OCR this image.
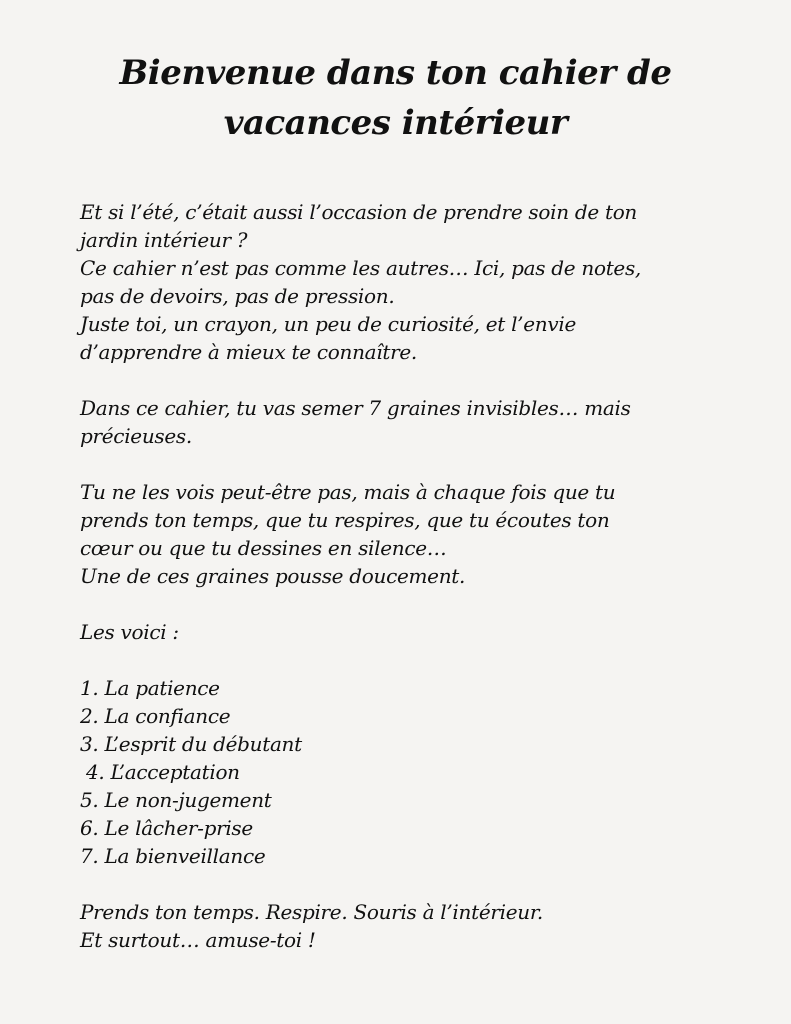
Bienvenue dans ton cahier de
vacances intérieur
Et si l’été, c’était aussi l’occasion de prendre soin de ton
jardin intérieur ?
Ce cahier n’est pas comme les autres… Ici, pas de notes,
pas de devoirs, pas de pression.
Juste toi, un crayon, un peu de curiosité, et l’envie
d’apprendre à mieux te connaître.
Dans ce cahier, tu vas semer 7 graines invisibles… mais
précieuses.
Tu ne les vois peut-être pas, mais à chaque fois que tu
prends ton temps, que tu respires, que tu écoutes ton
cœur ou que tu dessines en silence…
Une de ces graines pousse doucement.
Les voici :
1. La patience
2. La confiance
3. L’esprit du débutant
4. L’acceptation
5. Le non-jugement
6. Le lâcher-prise
7. La bienveillance
Prends ton temps. Respire. Souris à l’intérieur.
Et surtout… amuse-toi !
